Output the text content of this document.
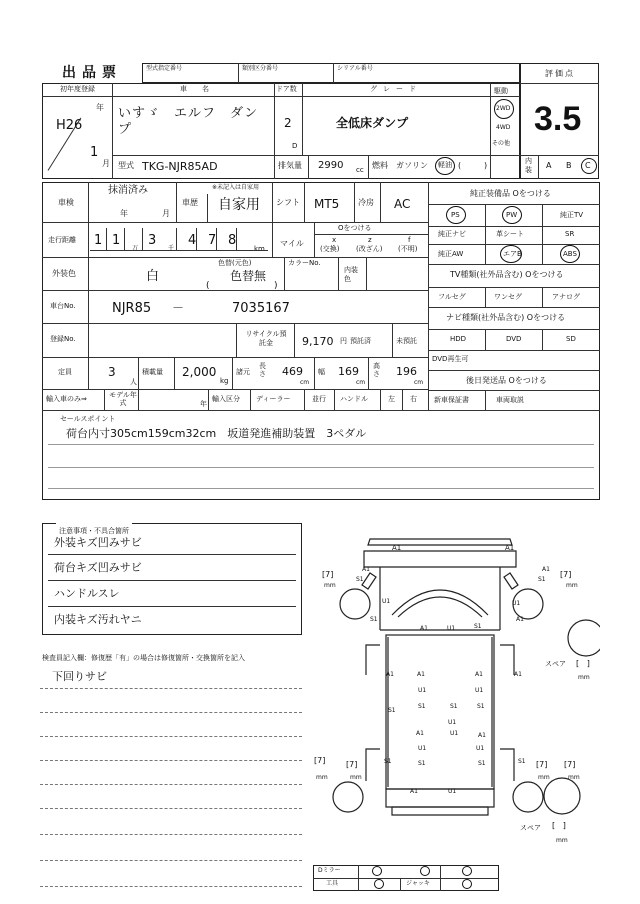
出品票	型式指定番号	類別区分番号	シリアル番号
評価点
3.5
初年度登録
年
月
H26
1
車　名
いすゞ　エルフ　ダンプ
ドア数
2
D
グレード
全低床ダンプ
駆動
2WD
4WD
その他
型式 TKG-NJR85AD	排気量 2990 cc 燃料 ガソリン 軽油 (	)	内装 A B C
車検
抹消済み
年	月
※未記入は自家用
車歴 自家用 シフト MT5 冷房 AC
走行距離 1 1
万
3
千
4 7 8
km
マイル
Oをつける
x
(交換)
z
(改ざん)
f
(不明)
外装色	白
色替(元色)
色替無
(	)
カラーNo.
内装色
車台No.	NJR85 －	7035167
登録No.
リサイクル預託金	9,170 円 預託済	未預託
定員	3
人
積載量 2,000
kg
諸元
長さ 469
cm
幅 169
cm
高さ 196
cm
輸入車のみ⇒	モデル年式	年
輸入区分 ディーラー	並行 ハンドル	左 右
純正装備品 Oをつける
PS	PW	純正TV
純正ナビ	革シート	SR
純正AW	エアB	ABS
TV種類(社外品含む) Oをつける
フルセグ	ワンセグ	アナログ
ナビ種類(社外品含む) Oをつける
HDD	DVD	SD
DVD再生可
後日発送品 Oをつける
新車保証書	車両取説
セールスポイント
荷台内寸305cm159cm32cm　坂道発進補助装置　3ペダル
注意事項・不具合箇所
外装キズ凹みサビ
荷台キズ凹みサビ
ハンドルスレ
内装キズ汚れヤニ
検査員記入欄：修復歴「有」の場合は修復箇所・交換箇所を記入
下回りサビ
A1	A1
[7]
mm
[7]
mm
[7]
mm
[7]
mm
[7]
mm
[7]
mm
スペア [   ]
mm
スペア [   ]
mm
A1
S1
A1
S1
U1
S1
A1	U1	S1
U1
A1
A1
U1	U1
S1
A1
S1	S1
A1	A1
U1
S1
U1
A1
U1
U1
S1
A1
S1
S1
A1	U1
S1
Dミラー
工具	ジャッキ
